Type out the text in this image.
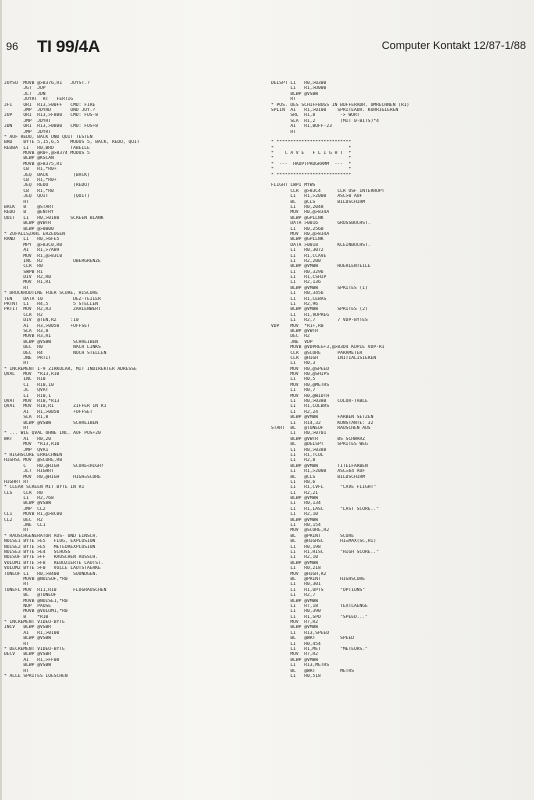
96 TI 99/4A	Computer Kontakt 12/87-1/88
JOYSO  MOVB @>8376,R1   JOYST.?
JGT  JUP
JLT  JDN
JOYRT  RT   FERTIG
JFI    ORI  R13,>00FF   CMD: FIRE
JMP  JDYRD       UND JOY.?
JUP    ORI  R13,>F800   CMD: FOS-8
JMP  JDYRT
JDN    ORI  R13,>0800   CMD: FOS+8
JMP  JDYRT
* AUF REDO, BACK UND QUIT TESTEN
BRD    BYTE 5,15,6,5    MODUS 5, BACK, REDO, QUIT
REDBA  LI   R0,BRD      TABELLE
MOVB @R0+,@>8374 MODUS 5
BLWP @KSCAN
MOVB @>8375,R1
CB   R1,*R0+
JEQ  BACK         (BACK)
CB   R1,*R0+
JEQ  REDO         (REDO)
CB   R1,*R0
JEQ  QUIT         (QUIT)
RT
BACK   B    @START
REDO   B    @ENTRY
QUIT   LI   R0,>0180    SCREEN BLANK
BLWP @VWTR
BLWP @>0000
* ZUFALLSZAHL ERZEUGEN
RAND   LI   R0,>6FE5
MPY  @>83C0,R0
AI   R1,>7AB9
MOV  R1,@>83C0
INC  R2           OBERGRENZE
CLR  R0
SWPB R1
DIV  R2,R0
MOV  R1,R1
RT
* DRUCKROUTINE FUER SCORE, HISCORE
TEN    DATA 10           DEZ-TEILER
PRTNT  LI   R4,5         5 STELLEN
PRTIT  MOV  R2,R3        ZAHLENWERT
CLR  R2
DIV  @TEN,R2     :10
AI   R3,>0050    +OFFSET
SLA  R3,8
MOVB R3,R1
BLWP @VSBW        SCHREIBEN
DEC  R0           NACH LINKS
DEC  R4           NOCH STELLEN
JNE  PRTIT
RT
* INCREMENT 1-9 ZIRKULAR, MIT INDIREKTER ADRESSE
QVAL   MOV  *R13,R10
INC  R10
CI   R10,10
JL   QVAT
LI   R10,1
QVAT   MOV  R10,*R13
QVA1   MOV  R10,R1       ZIFFER IN R1
AI   R1,>0050     +OFFSET
SLA  R1,8
BLWP @VSBW        SCHREIBEN
RT
* ... WIE QVAL OHNE INC. AUF POS+20
WRT    AI   R0,20
MOV  *R13,R10
JMP  QVA1
* HIGHSCORE ERRECHNEN
HIGHSC MOV  @SCORE,R0
C    R0,@HIGH     SCORE<HIGH?
JLT  HIGHRT
MOV  R0,@HIGH     HIGH=SCORE
HIGHRT RT
* CLEAR SCREEN MIT BYTE IN R1
CLS    CLR  R0
LI   R2,768
BLWP @VSBW
JMP  CL2
CL1    MOVB R1,@>8C00
CL2    DEC  R2
JNE  CL1
RT
* RAUSCHGENERATOR AUS- UND EINSCH.
NOISE1 BYTE >E5   FLUG, EXPLOSION
NOISE2 BYTE >E5   METEOREXPLOSION
NOISE3 BYTE >E4   SCHUSS
NOISOF BYTE >FF   RAUSCHEN AUSSCH.
VOLUM1 BYTE >F8   REDUZIERTE LAUTST.
VOLUM2 BYTE >F0   VOLLE LAUTSTAERKE
TONEOF LI   R0,>8400     SOUNDGEN.
MOVB @NOISOF,*R0
RT
TONEFL MOV  R11,R10      FLUGRAUSCHEN
BL   @TONEOF
MOVB @NOISE1,*R0
NOP  PAUSE
MOVB @VOLUM1,*R0
B    *R10
* INCREMENT VIDEO-BYTE
INCV   BLWP @VSBR
AI   R1,>0100
BLWP @VSBW
RT
* DECREMENT VIDEO-BYTE
DECV   BLWP @VSBR
AI   R1,>FF00
BLWP @VSBW
RT
* ALLE SPRITES LOESCHEN
DELSPT LI   R0,>0300
LI   R1,>D000
BLWP @VSBW
RT
* POS. DES SCHIFFBUGS IN BUFFERADR. UMRECHNEN (R1)
SPLIN  AI   R1,>0100    SPRITEADR. KORRIGIEREN
SRL  R1,8         -> WORT
SLA  R1,2         (MIT 0-BITS)*4
AI   R1,BUFF-23
RT
* ***************************
*                           *
*    C A V E   F L I G H T  *
*                           *
*  ---  HAUPTPROGRAMM  ---  *
*                           *
* ***************************
FLIGHT LWPI MYWS
CLR  @>83C4      CLR USF INTERRUPT
LI   R1,>2000    ASC>0 AUF
BL   @CLS        BILDSCHIRM
LI   R0,2048
MOV  R0,@>834A
BLWP @GPLLNK
DATA >0016       GROSSBUCHST.
LI   R0,2560
MOV  R0,@>834A
BLWP @GPLLNK
DATA >0018       KLEINBUCHST.
LI   R0,3072
LI   R1,CCAVE
LI   R2,200
BLWP @VMBW       HOEHLENTEILE
LI   R0,3296
LI   R1,CSHIP
LI   R2,136
BLWP @VMBW       SPRITES (1)
LI   R0,3456
LI   R1,CEBAS
LI   R2,96
BLWP @VMBW       SPRITES (2)
LI   R1,VDPREG
LI   R2,7        7 VDP-BYTES
VDP    MOV  *R1+,R0
BLWP @VWTR
DEC  R2
JNE  VDP
MOVB @VDPREG+3,@>83D4 KOPIE VDP-R1
CLR  @SCORE      PARAMETER
CLR  @HIGH       INITIALISIEREN
LI   R0,3
MOV  R0,@SPEED
MOV  R0,@SHIPS
LI   R0,5
MOV  R0,@METRS
LI   R0,7
MOV  R0,@WIDTH
LI   R0,>0380    COLOR-TABLE
LI   R1,COLBRS
LI   R2,24
BLWP @VMBW       FARBEN SETZEN
LI   R14,32      KONSTANTE: 32
START  BL   @TONEOF     RAUSCHEN AUS
LI   R0,>0701
BLWP @VWTR       BS SCHWARZ
BL   @DELSPT     SPRITES WEG
LI   R0,>0388
LI   R1,TCOL
LI   R2,8
BLWP @VMBW       TITELFARBEN
LI   R1,>2000    ASC=64 AUF
BL   @CLS        BILDSCHIRM
LI   R0,6
LI   R1,CVFL      "CAVE FLIGHT"
LI   R2,21
BLWP @VMBW
LI   R0,134
LI   R1,LASC      "LAST SCORE.."
LI   R2,10
BLWP @VMBW
LI   R0,154
MOV  @SCORE,R2
BL   @PRINT       SCORE
BL   @HIGHSC      HI=MAX(SC,HI)
LI   R0,198
LI   R1,HISC      "HIGH SCORE.."
LI   R2,10
BLWP @VMBW
LI   R0,218
MOV  @HIGH,R2
BL   @PRINT       HIGHSCORE
LI   R0,301
LI   R1,OPTS      "OPTIONS"
LI   R2,7
BLWP @VMBW
LI   R7,18        TEXTLAENGE
LI   R0,390
LI   R1,SPD       "SPEED..."
MOV  R7,R2
BLWP @VMBW
LI   R13,SPEED
BL   @WRT         SPEED
LI   R0,454
LI   R1,MET       "METEORS."
MOV  R7,R2
BLWP @VMBW
LI   R13,METRS
BL   @WRT         METRS
LI   R0,518
